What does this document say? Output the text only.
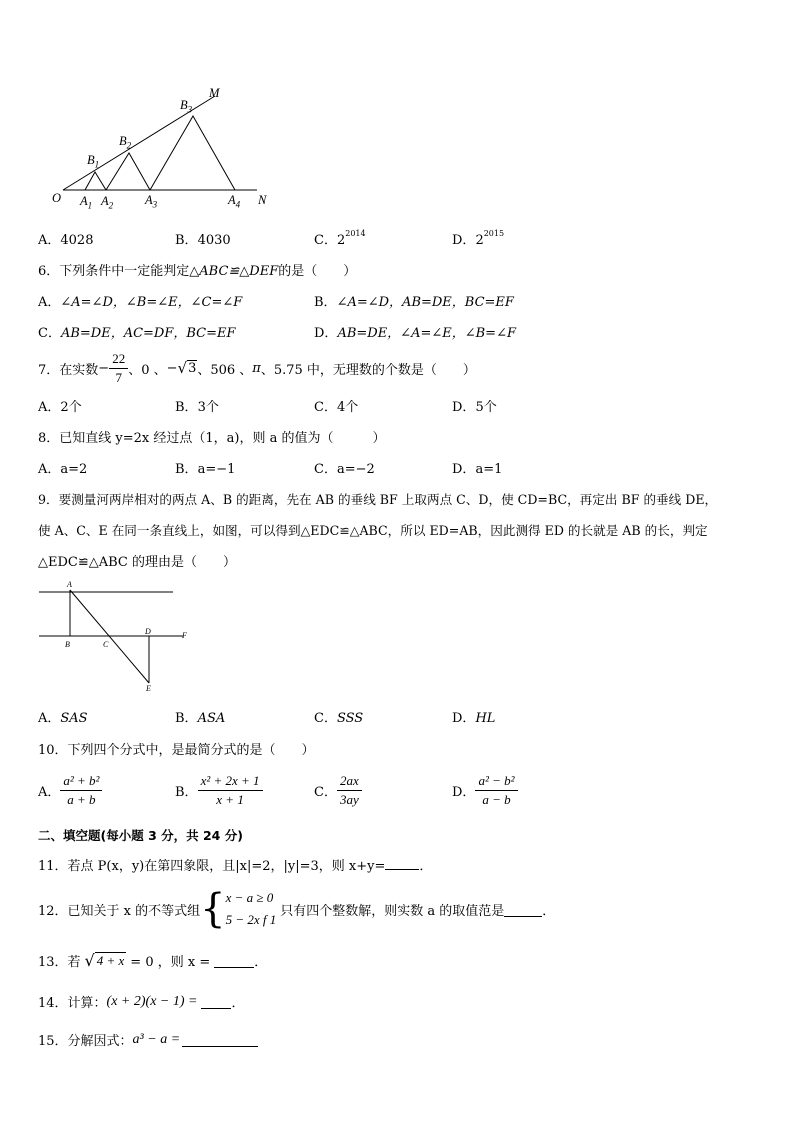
O	N
M
$A_1$ $A_2$	$A_3$	$A_4$
$B_1$
$B_2$
$B_3$
A．4028	B．4030	C．$2^{2014}$	D．$2^{2015}$
6．下列条件中一定能判定△ABC≌△DEF的是（　　）
A．∠A=∠D，∠B=∠E，∠C=∠F	B．∠A=∠D，AB=DE，BC=EF
C．AB=DE，AC=DF，BC=EF	D．AB=DE，∠A=∠E，∠B=∠F
7．在实数 − $\frac{22}{7}$ 、0 、 − √ 3 、506 、 π 、5.75 中，无理数的个数是（　　）
A．2个	B．3个	C．4个	D．5个
8．已知直线 y=2x 经过点（1，a)，则 a 的值为（　　　）
A．a=2	B．a=−1	C．a=−2	D．a=1
9．要测量河两岸相对的两点 A、B 的距离，先在 AB 的垂线 BF 上取两点 C、D，使 CD=BC，再定出 BF 的垂线 DE，
使 A、C、E 在同一条直线上，如图，可以得到△EDC≌△ABC，所以 ED=AB，因此测得 ED 的长就是 AB 的长，判定
△EDC≌△ABC 的理由是（　　）
A
B	C
D
E
F
A．SAS	B．ASA	C．SSS	D．HL
10．下列四个分式中，是最简分式的是（　　）
A． $\frac{\text{a² + b²}}{a + b}$	B． $\frac{\text{x² + 2x + 1}}{x + 1}$	C． $\frac{2ax}{3ay}$	D． $\frac{\text{a² − b²}}{a - b}$
二、填空题(每小题 3 分，共 24 分)
11．若点 P(x，y)在第四象限，且|x|=2，|y|=3，则 x+y=	．
12．已知关于 x 的不等式组 { x − a ≥ 0
5 − 2x f 1
只有四个整数解，则实数 a 的取值范是	．
13．若 √ 4 + x = 0 ，则 x =	．
14．计算： (x + 2)(x − 1) =	．
15．分解因式： a³ − a =
